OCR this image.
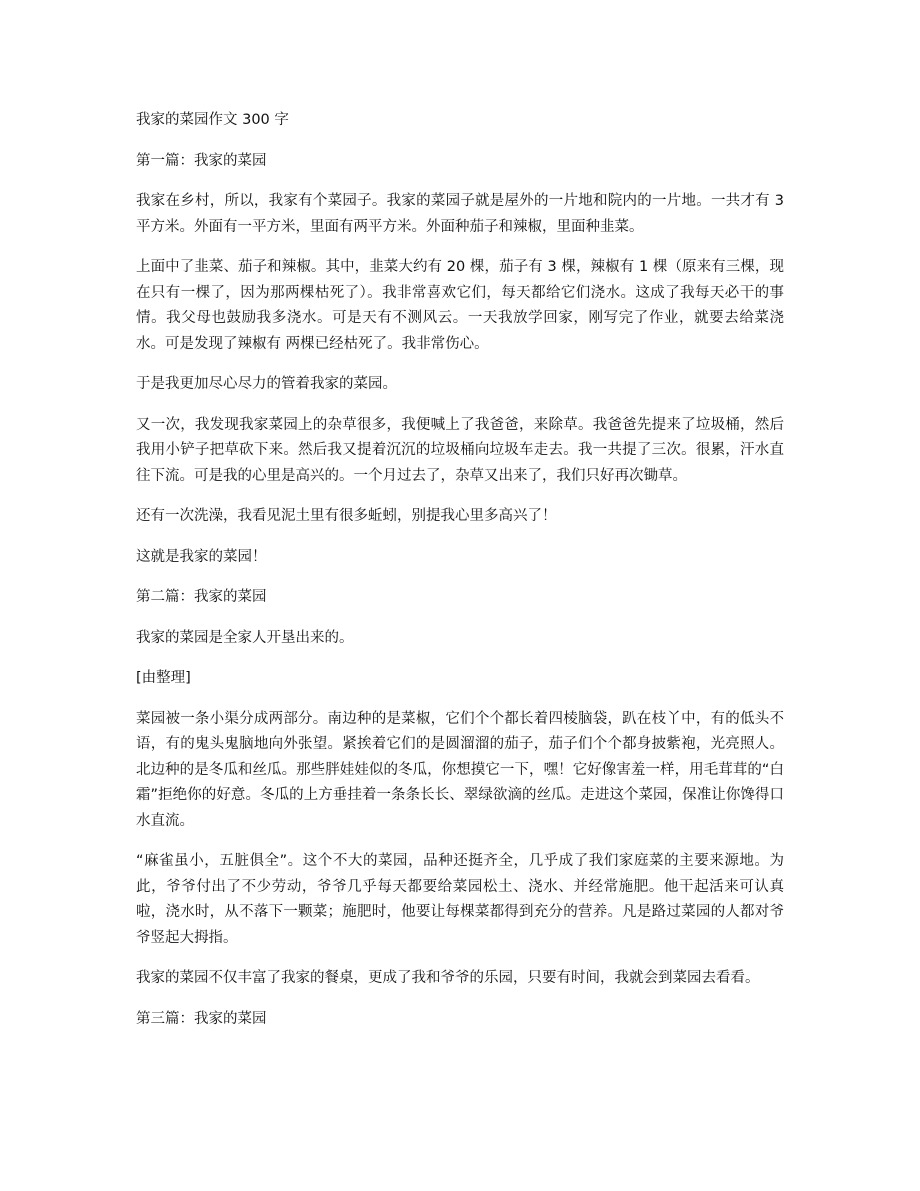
我家的菜园作文 300 字
第一篇：我家的菜园
我家在乡村，所以，我家有个菜园子。我家的菜园子就是屋外的一片地和院内的一片地。一共才有 3 平方米。外面有一平方米，里面有两平方米。外面种茄子和辣椒，里面种韭菜。
上面中了韭菜、茄子和辣椒。其中，韭菜大约有 20 棵，茄子有 3 棵，辣椒有 1 棵（原来有三棵，现在只有一棵了，因为那两棵枯死了）。我非常喜欢它们，每天都给它们浇水。这成了我每天必干的事情。我父母也鼓励我多浇水。可是天有不测风云。一天我放学回家，刚写完了作业，就要去给菜浇水。可是发现了辣椒有 两棵已经枯死了。我非常伤心。
于是我更加尽心尽力的管着我家的菜园。
又一次，我发现我家菜园上的杂草很多，我便喊上了我爸爸，来除草。我爸爸先提来了垃圾桶，然后我用小铲子把草砍下来。然后我又提着沉沉的垃圾桶向垃圾车走去。我一共提了三次。很累，汗水直往下流。可是我的心里是高兴的。一个月过去了，杂草又出来了，我们只好再次锄草。
还有一次洗澡，我看见泥土里有很多蚯蚓，别提我心里多高兴了！
这就是我家的菜园！
第二篇：我家的菜园
我家的菜园是全家人开垦出来的。
[由整理]
菜园被一条小渠分成两部分。南边种的是菜椒，它们个个都长着四棱脑袋，趴在枝丫中，有的低头不语，有的鬼头鬼脑地向外张望。紧挨着它们的是圆溜溜的茄子，茄子们个个都身披紫袍，光亮照人。北边种的是冬瓜和丝瓜。那些胖娃娃似的冬瓜，你想摸它一下，嘿！它好像害羞一样，用毛茸茸的“白霜”拒绝你的好意。冬瓜的上方垂挂着一条条长长、翠绿欲滴的丝瓜。走进这个菜园，保准让你馋得口水直流。
“麻雀虽小，五脏俱全”。这个不大的菜园，品种还挺齐全，几乎成了我们家庭菜的主要来源地。为此，爷爷付出了不少劳动，爷爷几乎每天都要给菜园松土、浇水、并经常施肥。他干起活来可认真啦，浇水时，从不落下一颗菜；施肥时，他要让每棵菜都得到充分的营养。凡是路过菜园的人都对爷爷竖起大拇指。
我家的菜园不仅丰富了我家的餐桌，更成了我和爷爷的乐园，只要有时间，我就会到菜园去看看。
第三篇：我家的菜园
